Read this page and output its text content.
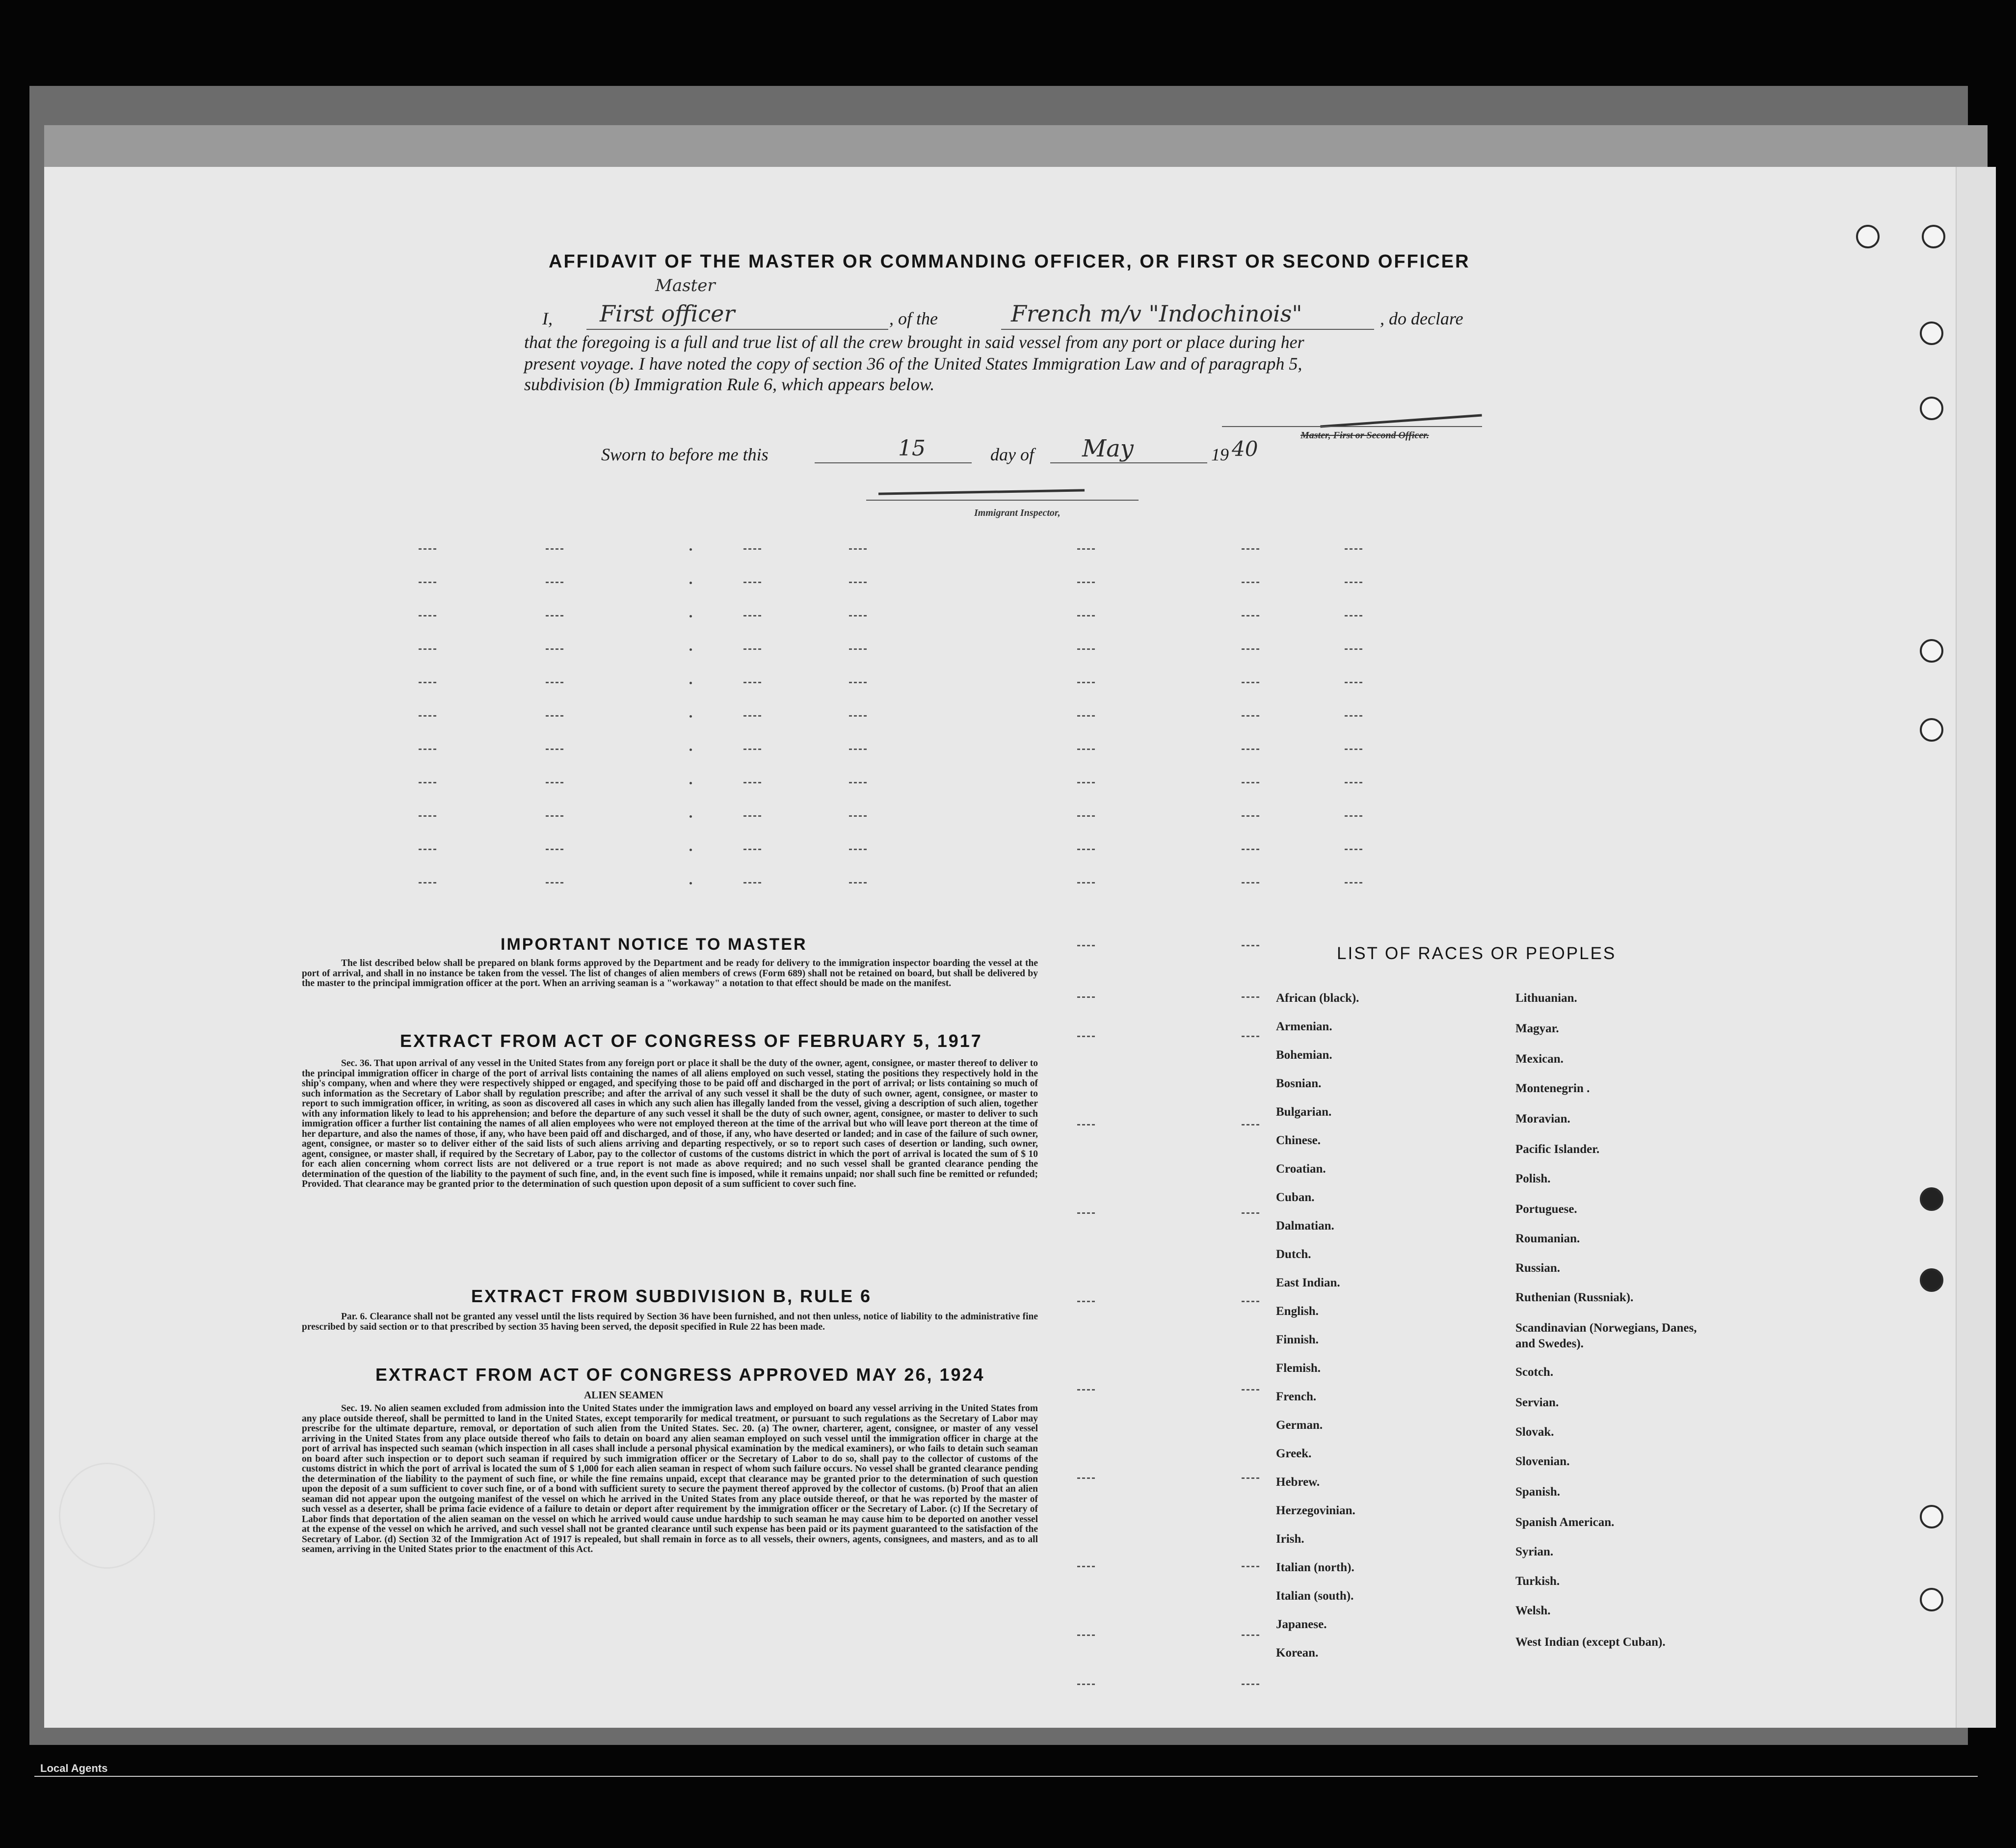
AFFIDAVIT OF THE MASTER OR COMMANDING OFFICER, OR FIRST OR SECOND OFFICER
Master
I, First officer	, of the	French m/v "Indochinois"	, do declare
that the foregoing is a full and true list of all the crew brought in said vessel from any port or place during her
present voyage. I have noted the copy of section 36 of the United States Immigration Law and of paragraph 5,
subdivision (b) Immigration Rule 6, which appears below.
Master, First or Second Officer.
Sworn to before me this	15	day of May	19 40
Immigrant Inspector,
IMPORTANT NOTICE TO MASTER
The list described below shall be prepared on blank forms approved by the Department and be ready for delivery to the immigration inspector boarding the vessel at the port of arrival, and shall in no instance be taken from the vessel. The list of changes of alien members of crews (Form 689) shall not be retained on board, but shall be delivered by the master to the principal immigration officer at the port. When an arriving seaman is a "workaway" a notation to that effect should be made on the manifest.
EXTRACT FROM ACT OF CONGRESS OF FEBRUARY 5, 1917
Sec. 36. That upon arrival of any vessel in the United States from any foreign port or place it shall be the duty of the owner, agent, consignee, or master thereof to deliver to the principal immigration officer in charge of the port of arrival lists containing the names of all aliens employed on such vessel, stating the positions they respectively hold in the ship's company, when and where they were respectively shipped or engaged, and specifying those to be paid off and discharged in the port of arrival; or lists containing so much of such information as the Secretary of Labor shall by regulation prescribe; and after the arrival of any such vessel it shall be the duty of such owner, agent, consignee, or master to report to such immigration officer, in writing, as soon as discovered all cases in which any such alien has illegally landed from the vessel, giving a description of such alien, together with any information likely to lead to his apprehension; and before the departure of any such vessel it shall be the duty of such owner, agent, consignee, or master to deliver to such immigration officer a further list containing the names of all alien employees who were not employed thereon at the time of the arrival but who will leave port thereon at the time of her departure, and also the names of those, if any, who have been paid off and discharged, and of those, if any, who have deserted or landed; and in case of the failure of such owner, agent, consignee, or master so to deliver either of the said lists of such aliens arriving and departing respectively, or so to report such cases of desertion or landing, such owner, agent, consignee, or master shall, if required by the Secretary of Labor, pay to the collector of customs of the customs district in which the port of arrival is located the sum of $ 10 for each alien concerning whom correct lists are not delivered or a true report is not made as above required; and no such vessel shall be granted clearance pending the determination of the question of the liability to the payment of such fine, and, in the event such fine is imposed, while it remains unpaid; nor shall such fine be remitted or refunded; Provided. That clearance may be granted prior to the determination of such question upon deposit of a sum sufficient to cover such fine.
EXTRACT FROM SUBDIVISION B, RULE 6
Par. 6. Clearance shall not be granted any vessel until the lists required by Section 36 have been furnished, and not then unless, notice of liability to the administrative fine prescribed by said section or to that prescribed by section 35 having been served, the deposit specified in Rule 22 has been made.
EXTRACT FROM ACT OF CONGRESS APPROVED MAY 26, 1924
ALIEN SEAMEN
Sec. 19. No alien seamen excluded from admission into the United States under the immigration laws and employed on board any vessel arriving in the United States from any place outside thereof, shall be permitted to land in the United States, except temporarily for medical treatment, or pursuant to such regulations as the Secretary of Labor may prescribe for the ultimate departure, removal, or deportation of such alien from the United States. Sec. 20. (a) The owner, charterer, agent, consignee, or master of any vessel arriving in the United States from any place outside thereof who fails to detain on board any alien seaman employed on such vessel until the immigration officer in charge at the port of arrival has inspected such seaman (which inspection in all cases shall include a personal physical examination by the medical examiners), or who fails to detain such seaman on board after such inspection or to deport such seaman if required by such immigration officer or the Secretary of Labor to do so, shall pay to the collector of customs of the customs district in which the port of arrival is located the sum of $ 1,000 for each alien seaman in respect of whom such failure occurs. No vessel shall be granted clearance pending the determination of the liability to the payment of such fine, or while the fine remains unpaid, except that clearance may be granted prior to the determination of such question upon the deposit of a sum sufficient to cover such fine, or of a bond with sufficient surety to secure the payment thereof approved by the collector of customs. (b) Proof that an alien seaman did not appear upon the outgoing manifest of the vessel on which he arrived in the United States from any place outside thereof, or that he was reported by the master of such vessel as a deserter, shall be prima facie evidence of a failure to detain or deport after requirement by the immigration officer or the Secretary of Labor. (c) If the Secretary of Labor finds that deportation of the alien seaman on the vessel on which he arrived would cause undue hardship to such seaman he may cause him to be deported on another vessel at the expense of the vessel on which he arrived, and such vessel shall not be granted clearance until such expense has been paid or its payment guaranteed to the satisfaction of the Secretary of Labor. (d) Section 32 of the Immigration Act of 1917 is repealed, but shall remain in force as to all vessels, their owners, agents, consignees, and masters, and as to all seamen, arriving in the United States prior to the enactment of this Act.
LIST OF RACES OR PEOPLES
African (black).
Armenian.
Bohemian.
Bosnian.
Bulgarian.
Chinese.
Croatian.
Cuban.
Dalmatian.
Dutch.
East Indian.
English.
Finnish.
Flemish.
French.
German.
Greek.
Hebrew.
Herzegovinian.
Irish.
Italian (north).
Italian (south).
Japanese.
Korean.
Lithuanian.
Magyar.
Mexican.
Montenegrin .
Moravian.
Pacific Islander.
Polish.
Portuguese.
Roumanian.
Russian.
Ruthenian (Russniak).
Scandinavian (Norwegians, Danes, and Swedes).
Scotch.
Servian.
Slovak.
Slovenian.
Spanish.
Spanish American.
Syrian.
Turkish.
Welsh.
West Indian (except Cuban).
Local Agents
